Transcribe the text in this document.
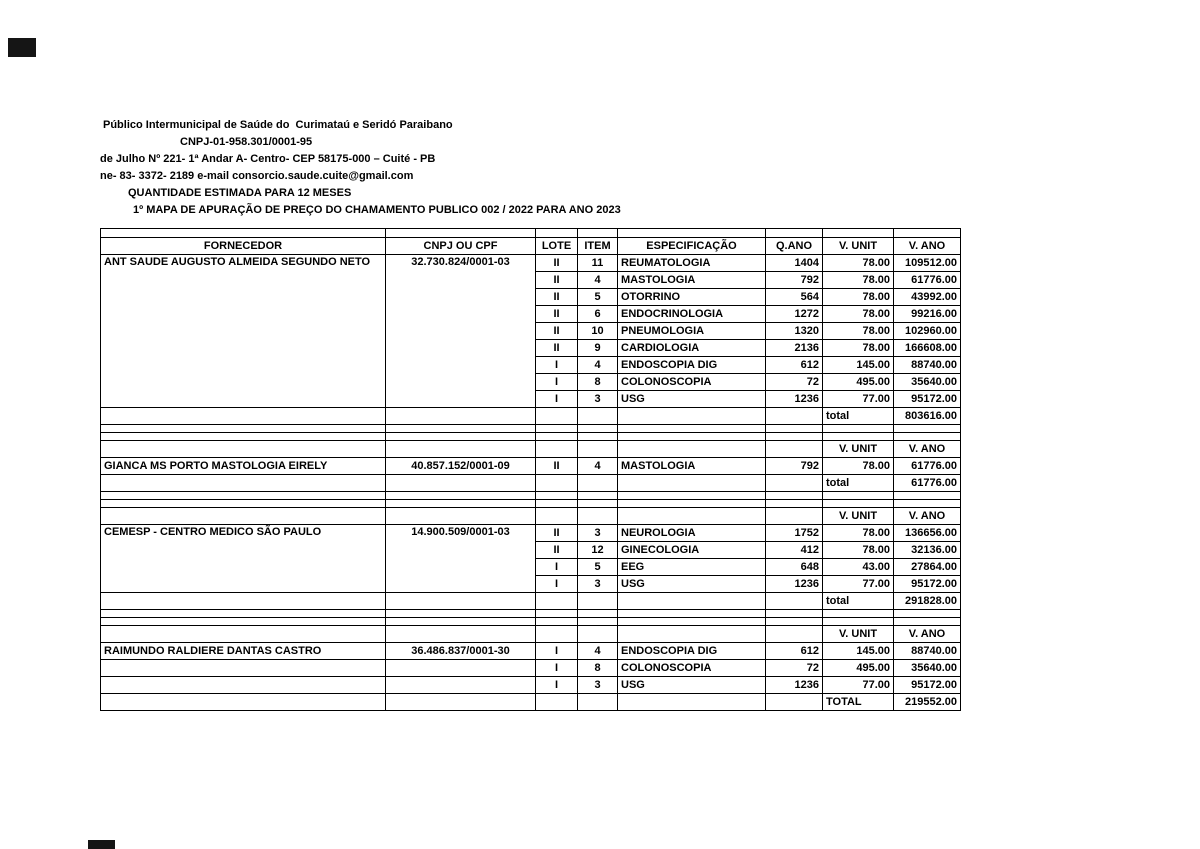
Público Intermunicipal de Saúde do  Curimataú e Seridó Paraibano
CNPJ-01-958.301/0001-95
de Julho Nº 221- 1ª Andar A- Centro- CEP 58175-000 – Cuité - PB
ne- 83- 3372- 2189 e-mail consorcio.saude.cuite@gmail.com
QUANTIDADE ESTIMADA PARA 12 MESES
1º MAPA DE APURAÇÃO DE PREÇO DO CHAMAMENTO PUBLICO 002 / 2022 PARA ANO 2023

FORNECEDOR	CNPJ OU CPF	LOTE	ITEM	ESPECIFICAÇÃO	Q.ANO	V. UNIT	V. ANO
ANT SAUDE AUGUSTO ALMEIDA SEGUNDO NETO	32.730.824/0001-03	II	11	REUMATOLOGIA	1404	78.00	109512.00
		II	4	MASTOLOGIA	792	78.00	61776.00
		II	5	OTORRINO	564	78.00	43992.00
		II	6	ENDOCRINOLOGIA	1272	78.00	99216.00
		II	10	PNEUMOLOGIA	1320	78.00	102960.00
		II	9	CARDIOLOGIA	2136	78.00	166608.00
		I	4	ENDOSCOPIA DIG	612	145.00	88740.00
		I	8	COLONOSCOPIA	72	495.00	35640.00
		I	3	USG	1236	77.00	95172.00
						total	803616.00

						V. UNIT	V. ANO
GIANCA MS PORTO MASTOLOGIA EIRELY	40.857.152/0001-09	II	4	MASTOLOGIA	792	78.00	61776.00
						total	61776.00

						V. UNIT	V. ANO
CEMESP - CENTRO MEDICO SÃO PAULO	14.900.509/0001-03	II	3	NEUROLOGIA	1752	78.00	136656.00
		II	12	GINECOLOGIA	412	78.00	32136.00
		I	5	EEG	648	43.00	27864.00
		I	3	USG	1236	77.00	95172.00
						total	291828.00

						V. UNIT	V. ANO
RAIMUNDO RALDIERE DANTAS CASTRO	36.486.837/0001-30	I	4	ENDOSCOPIA DIG	612	145.00	88740.00
		I	8	COLONOSCOPIA	72	495.00	35640.00
		I	3	USG	1236	77.00	95172.00
						TOTAL	219552.00
